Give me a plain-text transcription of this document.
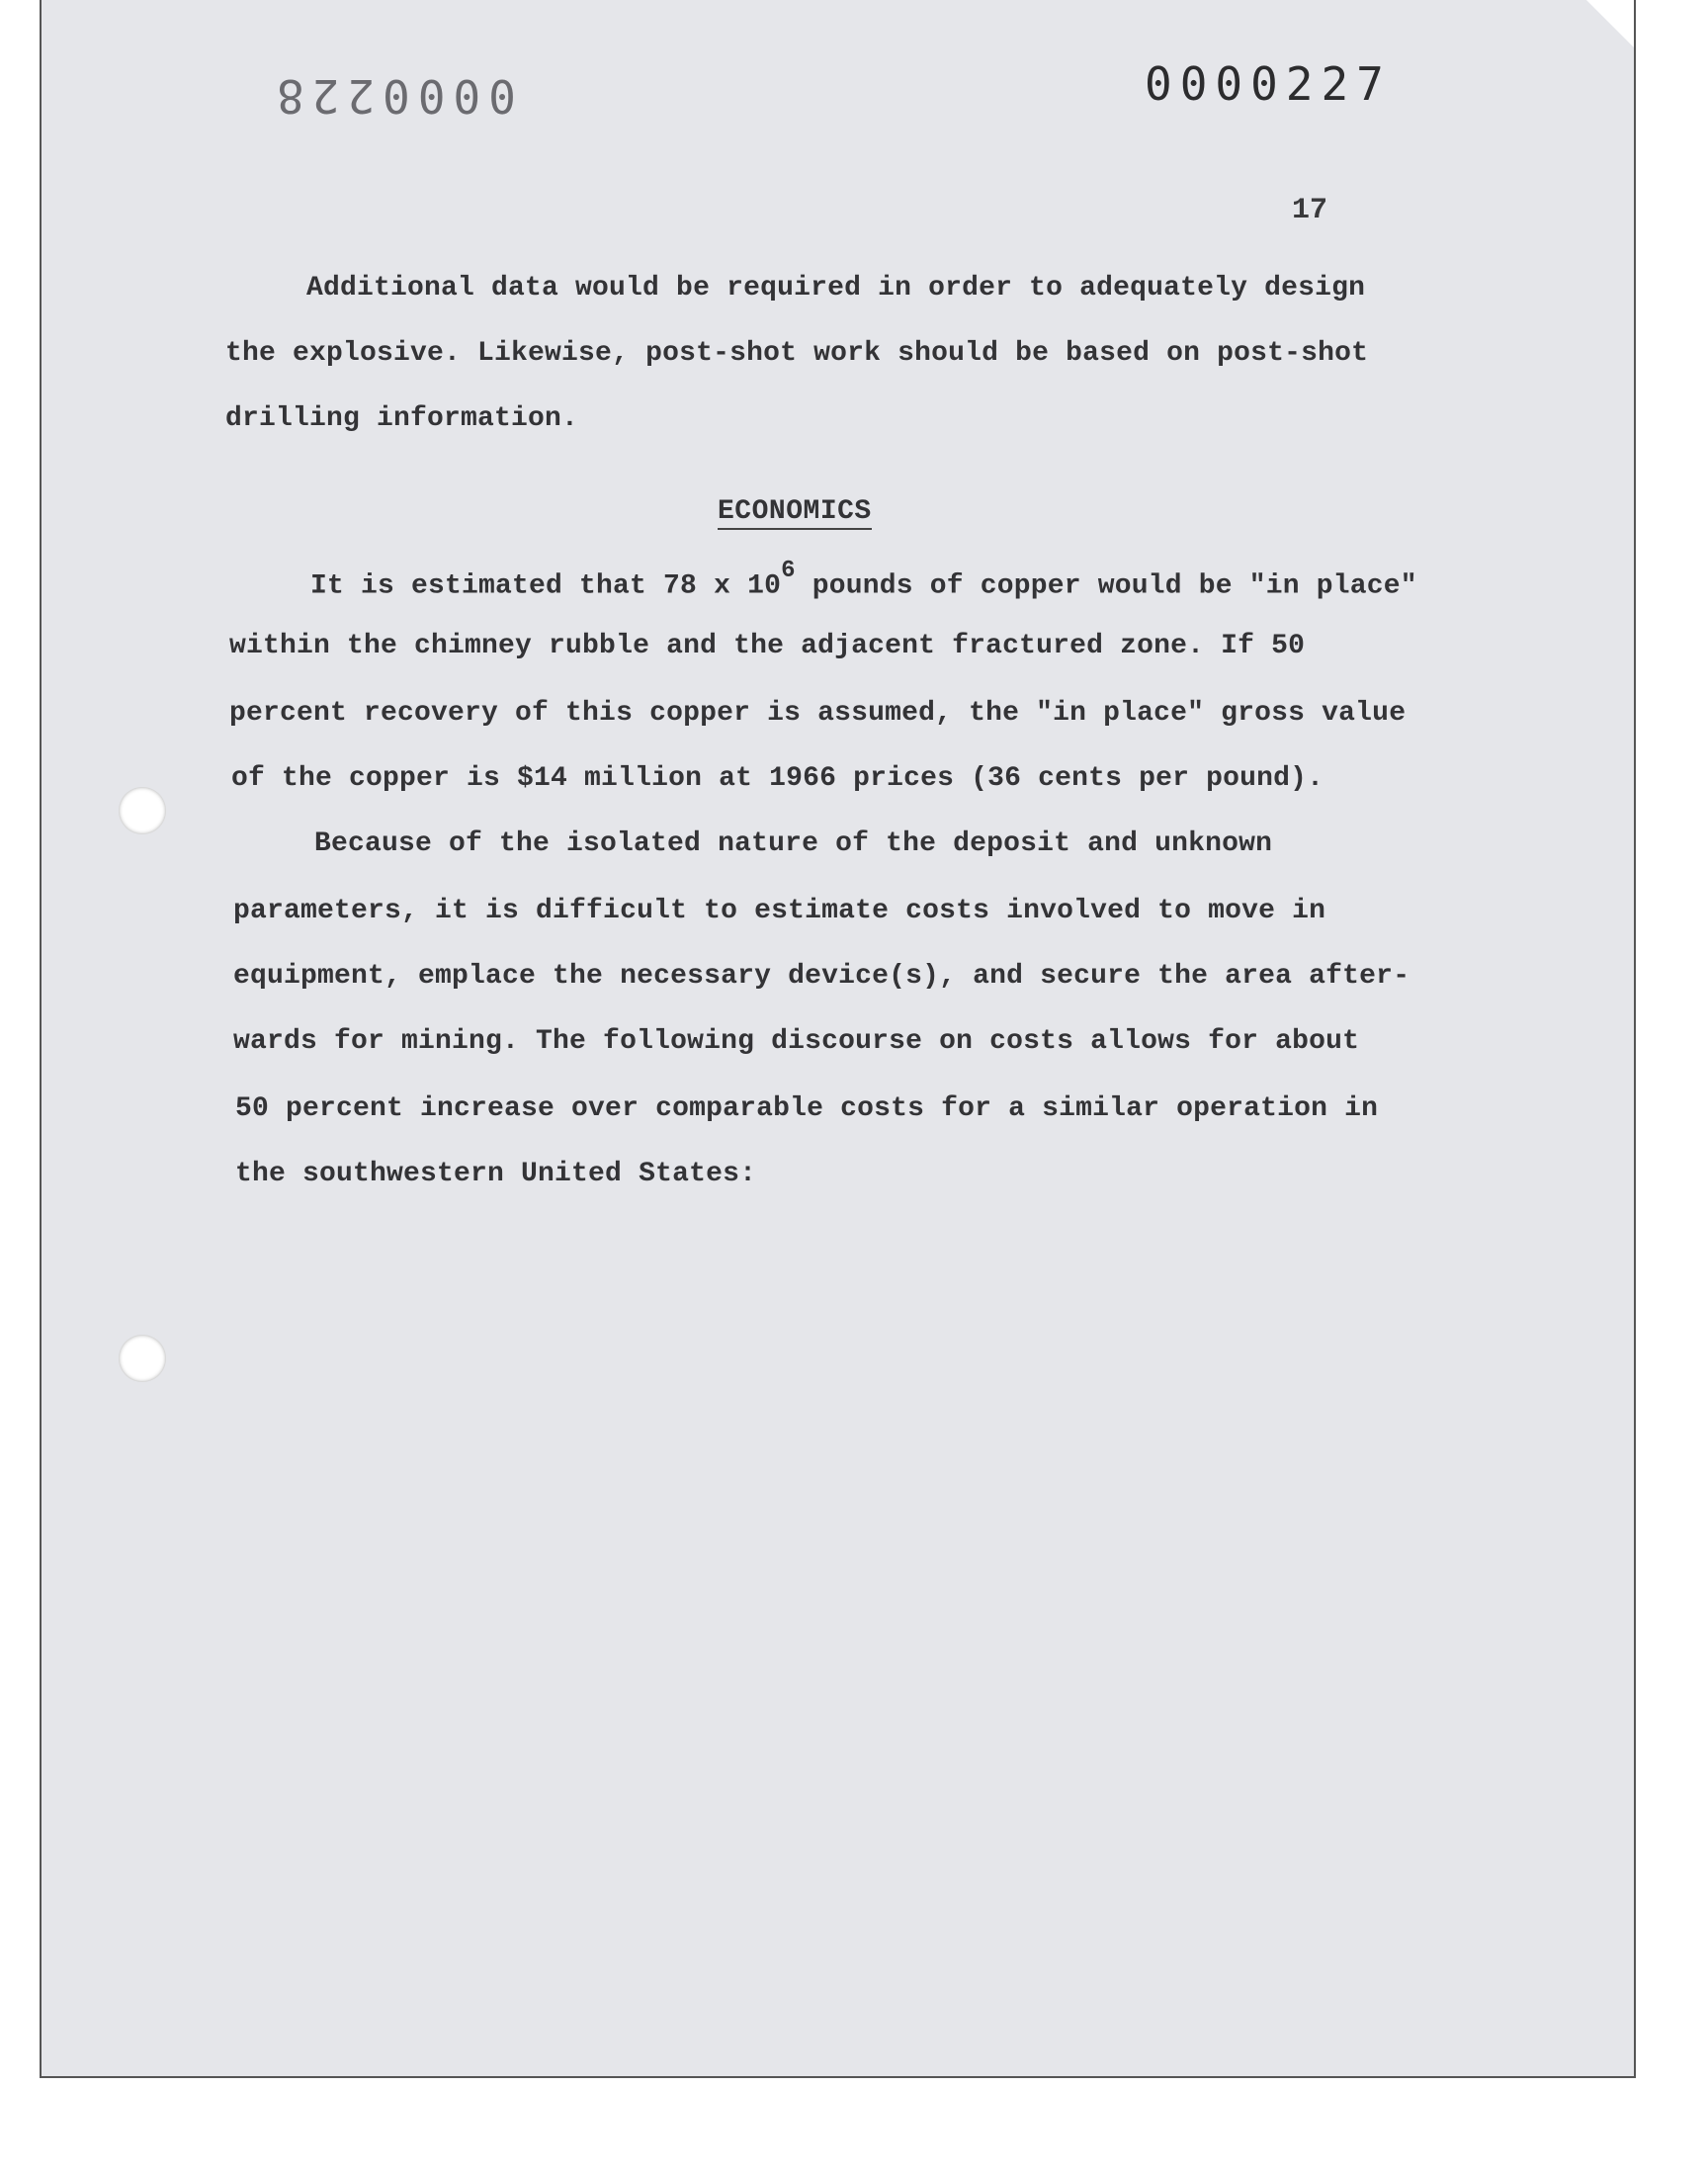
0000228	0000227
17
Additional data would be required in order to adequately design
the explosive. Likewise, post-shot work should be based on post-shot
drilling information.
ECONOMICS
It is estimated that 78 x $10^6$ pounds of copper would be "in place"
within the chimney rubble and the adjacent fractured zone. If 50
percent recovery of this copper is assumed, the "in place" gross value
of the copper is $14 million at 1966 prices (36 cents per pound).
Because of the isolated nature of the deposit and unknown
parameters, it is difficult to estimate costs involved to move in
equipment, emplace the necessary device(s), and secure the area after-
wards for mining. The following discourse on costs allows for about
50 percent increase over comparable costs for a similar operation in
the southwestern United States:
